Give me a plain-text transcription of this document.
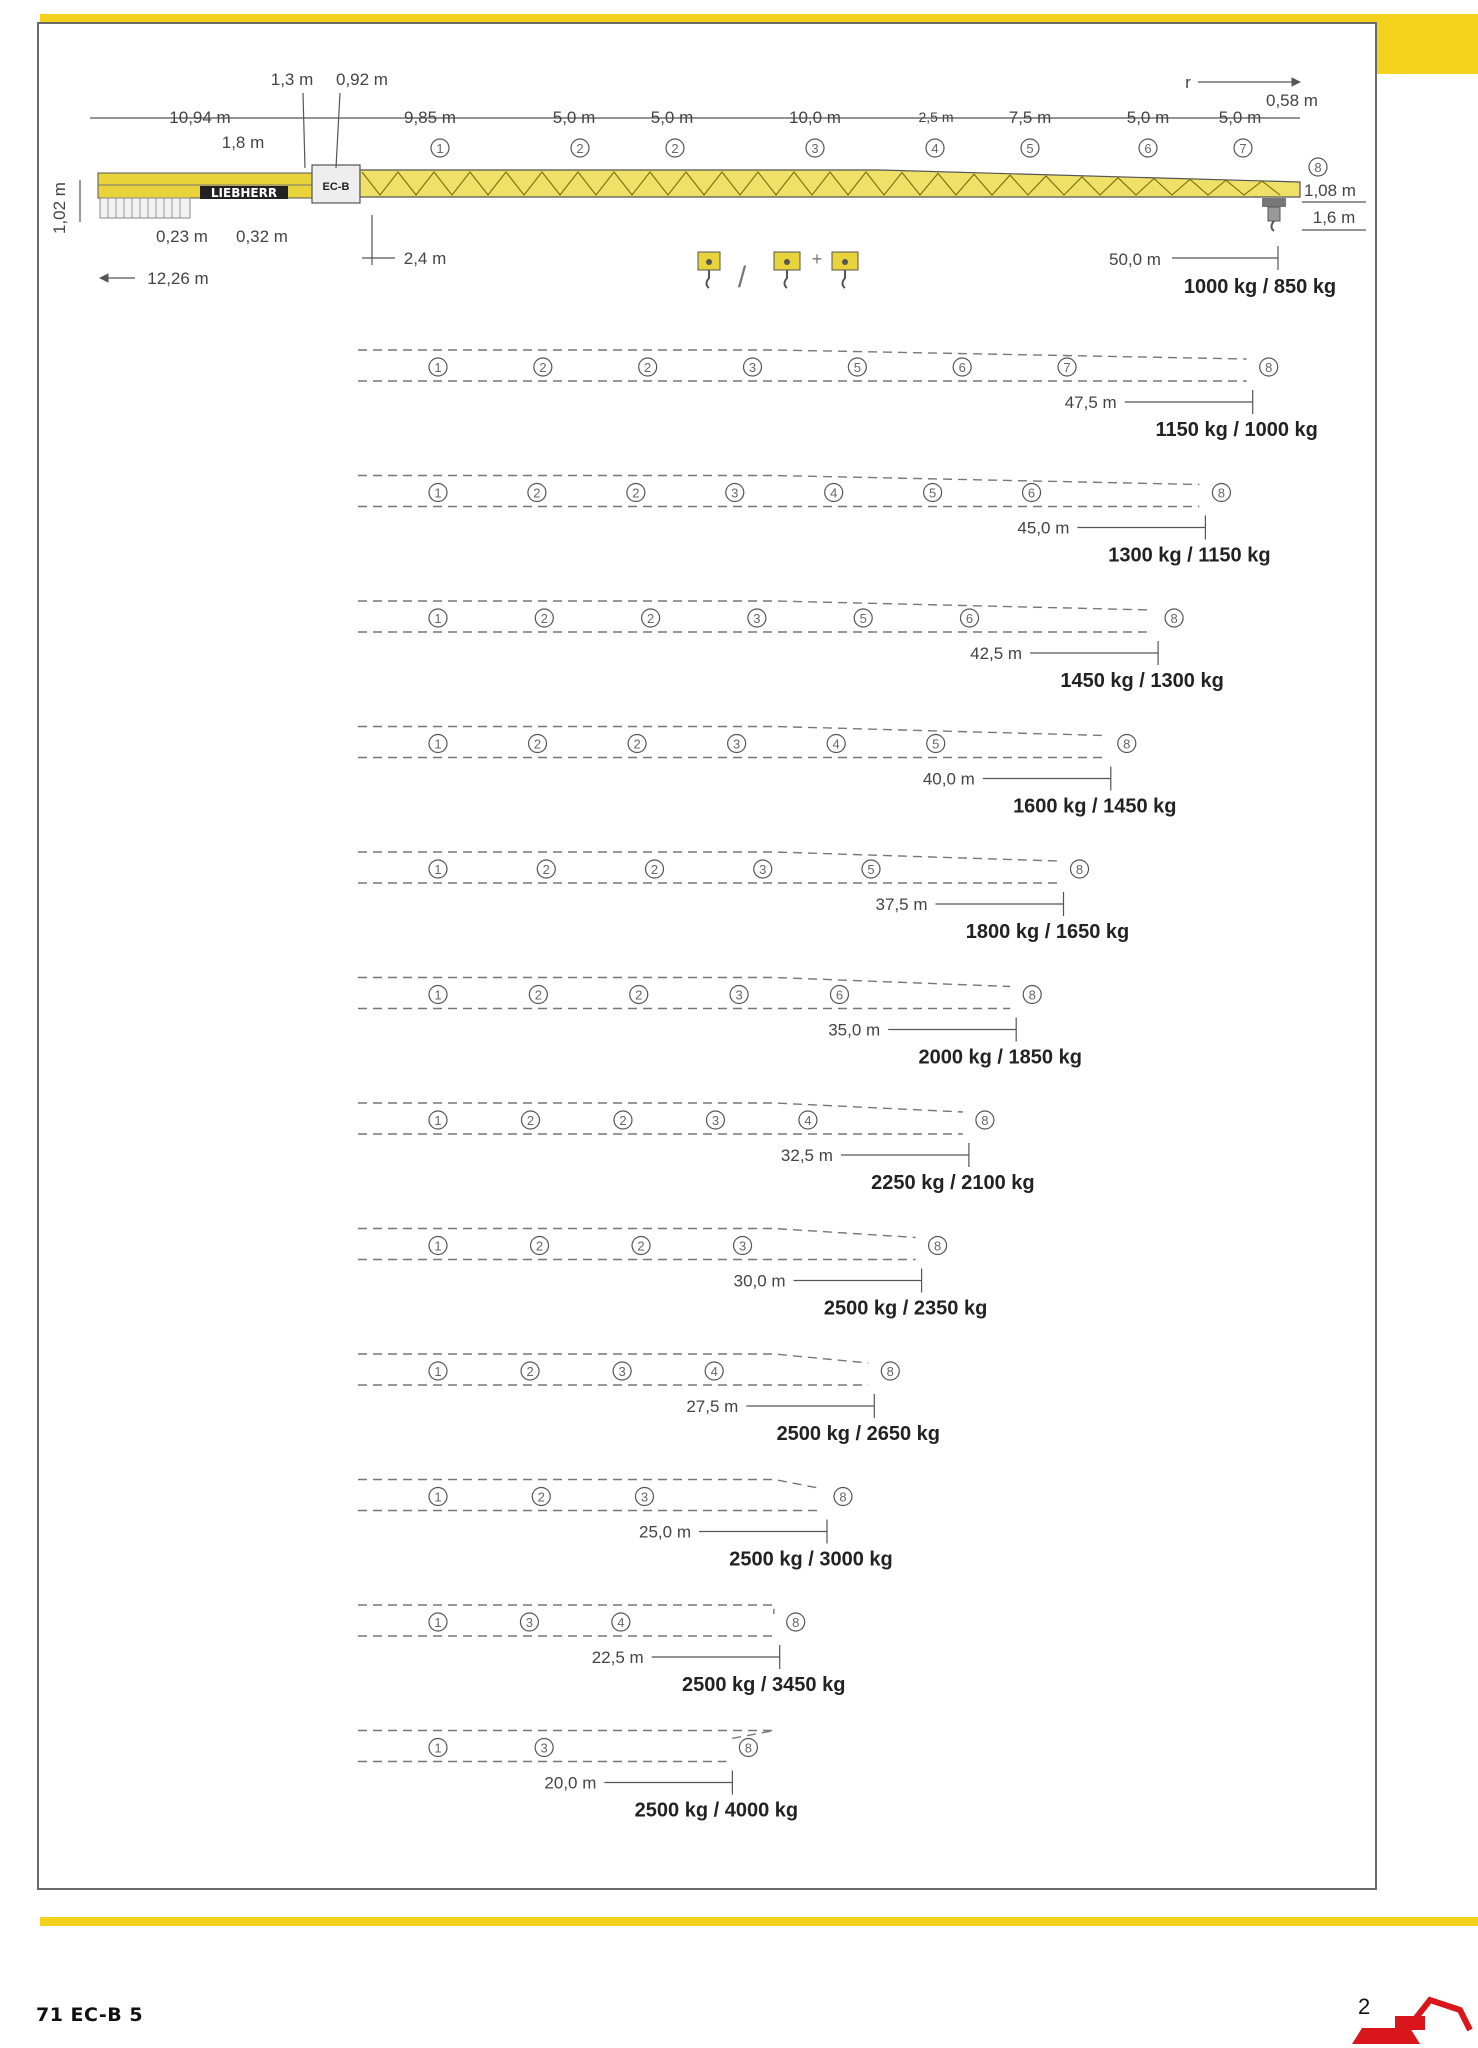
LIEBHERR	EC-B
10,94 m
1,8 m
1,3 m 0,92 m
1,02 m
0,23 m 0,32 m
12,26 m
2,4 m
9,85 m	5,0 m	5,0 m	10,0 m	2,5 m	7,5 m	5,0 m	5,0 m
r
0,58 m
1,08 m
1,6 m
50,0 m
1000 kg / 850 kg
1	2	2	3	4	5	6	7
8
/
+
1	2	2	3	5	6	7	8
47,5 m
1150 kg / 1000 kg
1	2	2	3	4	5	6	8
45,0 m
1300 kg / 1150 kg
1	2	2	3	5	6	8
42,5 m
1450 kg / 1300 kg
1	2	2	3	4	5	8
40,0 m
1600 kg / 1450 kg
1	2	2	3	5	8
37,5 m
1800 kg / 1650 kg
1	2	2	3	6	8
35,0 m
2000 kg / 1850 kg
1	2	2	3	4	8
32,5 m
2250 kg / 2100 kg
1	2	2	3	8
30,0 m
2500 kg / 2350 kg
1	2	3	4	8
27,5 m
2500 kg / 2650 kg
1	2	3	8
25,0 m
2500 kg / 3000 kg
1	3	4	8
22,5 m
2500 kg / 3450 kg
1	3	8
20,0 m
2500 kg / 4000 kg
71 EC-B 5	2
